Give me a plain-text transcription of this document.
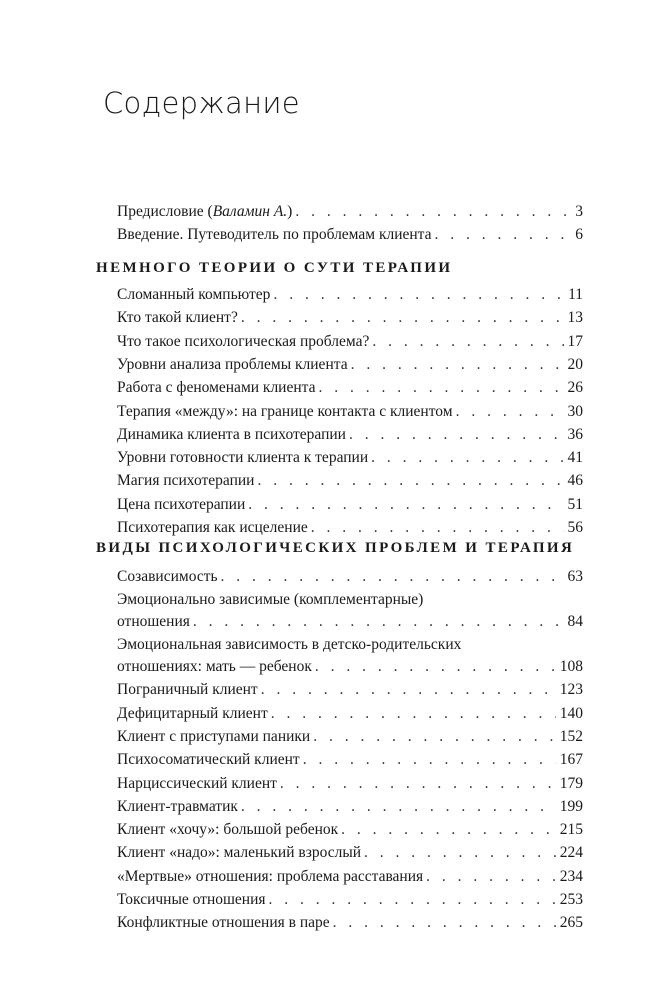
Содержание
Предисловие (Валамин А.) . . .	3
Введение. Путеводитель по проблемам клиента . . .	6
НЕМНОГО ТЕОРИИ О СУТИ ТЕРАПИИ
Сломанный компьютер . . .	11
Кто такой клиент? . . .	13
Что такое психологическая проблема? . . .	17
Уровни анализа проблемы клиента . . .	20
Работа с феноменами клиента . . .	26
Терапия «между»: на границе контакта с клиентом . . .	30
Динамика клиента в психотерапии . . .	36
Уровни готовности клиента к терапии . . .	41
Магия психотерапии . . .	46
Цена психотерапии . . .	51
Психотерапия как исцеление . . .	56
ВИДЫ ПСИХОЛОГИЧЕСКИХ ПРОБЛЕМ И ТЕРАПИЯ
Созависимость . . .	63
Эмоционально зависимые (комплементарные)
отношения . . .	84
Эмоциональная зависимость в детско-родительских
отношениях: мать — ребенок . . .	108
Пограничный клиент . . .	123
Дефицитарный клиент . . .	140
Клиент с приступами паники . . .	152
Психосоматический клиент . . .	167
Нарциссический клиент . . .	179
Клиент-травматик . . .	199
Клиент «хочу»: большой ребенок . . .	215
Клиент «надо»: маленький взрослый . . .	224
«Мертвые» отношения: проблема расставания . . .	234
Токсичные отношения . . .	253
Конфликтные отношения в паре . . .	265
